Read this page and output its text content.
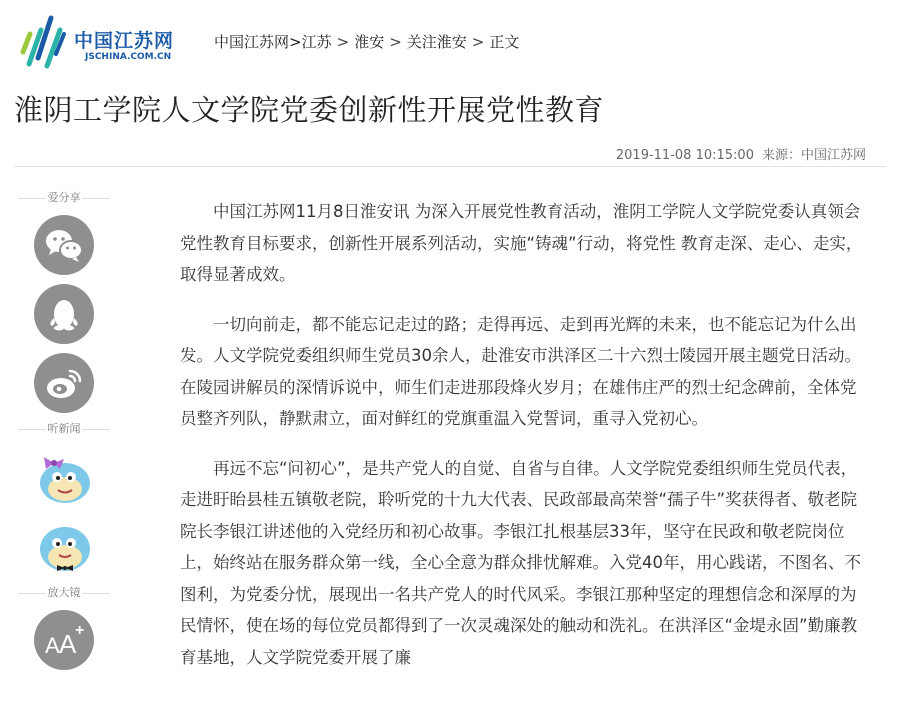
中国江苏网
JSCHINA.COM.CN
中国江苏网>江苏 > 淮安 > 关注淮安 > 正文
淮阴工学院人文学院党委创新性开展党性教育
2019-11-08 10:15:00 来源：中国江苏网
爱分享
听新闻
放大镜
A A
+

中国江苏网11月8日淮安讯 为深入开展党性教育活动，淮阴工学院人文学院党委认真领会党性教育目标要求，创新性开展系列活动，实施“铸魂”行动，将党性 教育走深、走心、走实，取得显著成效。

一切向前走，都不能忘记走过的路；走得再远、走到再光辉的未来，也不能忘记为什么出发。人文学院党委组织师生党员30余人，赴淮安市洪泽区二十六烈士陵园开展主题党日活动。在陵园讲解员的深情诉说中，师生们走进那段烽火岁月；在雄伟庄严的烈士纪念碑前，全体党员整齐列队，静默肃立，面对鲜红的党旗重温入党誓词，重寻入党初心。

再远不忘“问初心”，是共产党人的自觉、自省与自律。人文学院党委组织师生党员代表，走进盱眙县桂五镇敬老院，聆听党的十九大代表、民政部最高荣誉“孺子牛”奖获得者、敬老院院长李银江讲述他的入党经历和初心故事。李银江扎根基层33年，坚守在民政和敬老院岗位上，始终站在服务群众第一线，全心全意为群众排忧解难。入党40年，用心践诺，不图名、不图利，为党委分忧，展现出一名共产党人的时代风采。李银江那种坚定的理想信念和深厚的为民情怀，使在场的每位党员都得到了一次灵魂深处的触动和洗礼。在洪泽区“金堤永固”勤廉教育基地，人文学院党委开展了廉
